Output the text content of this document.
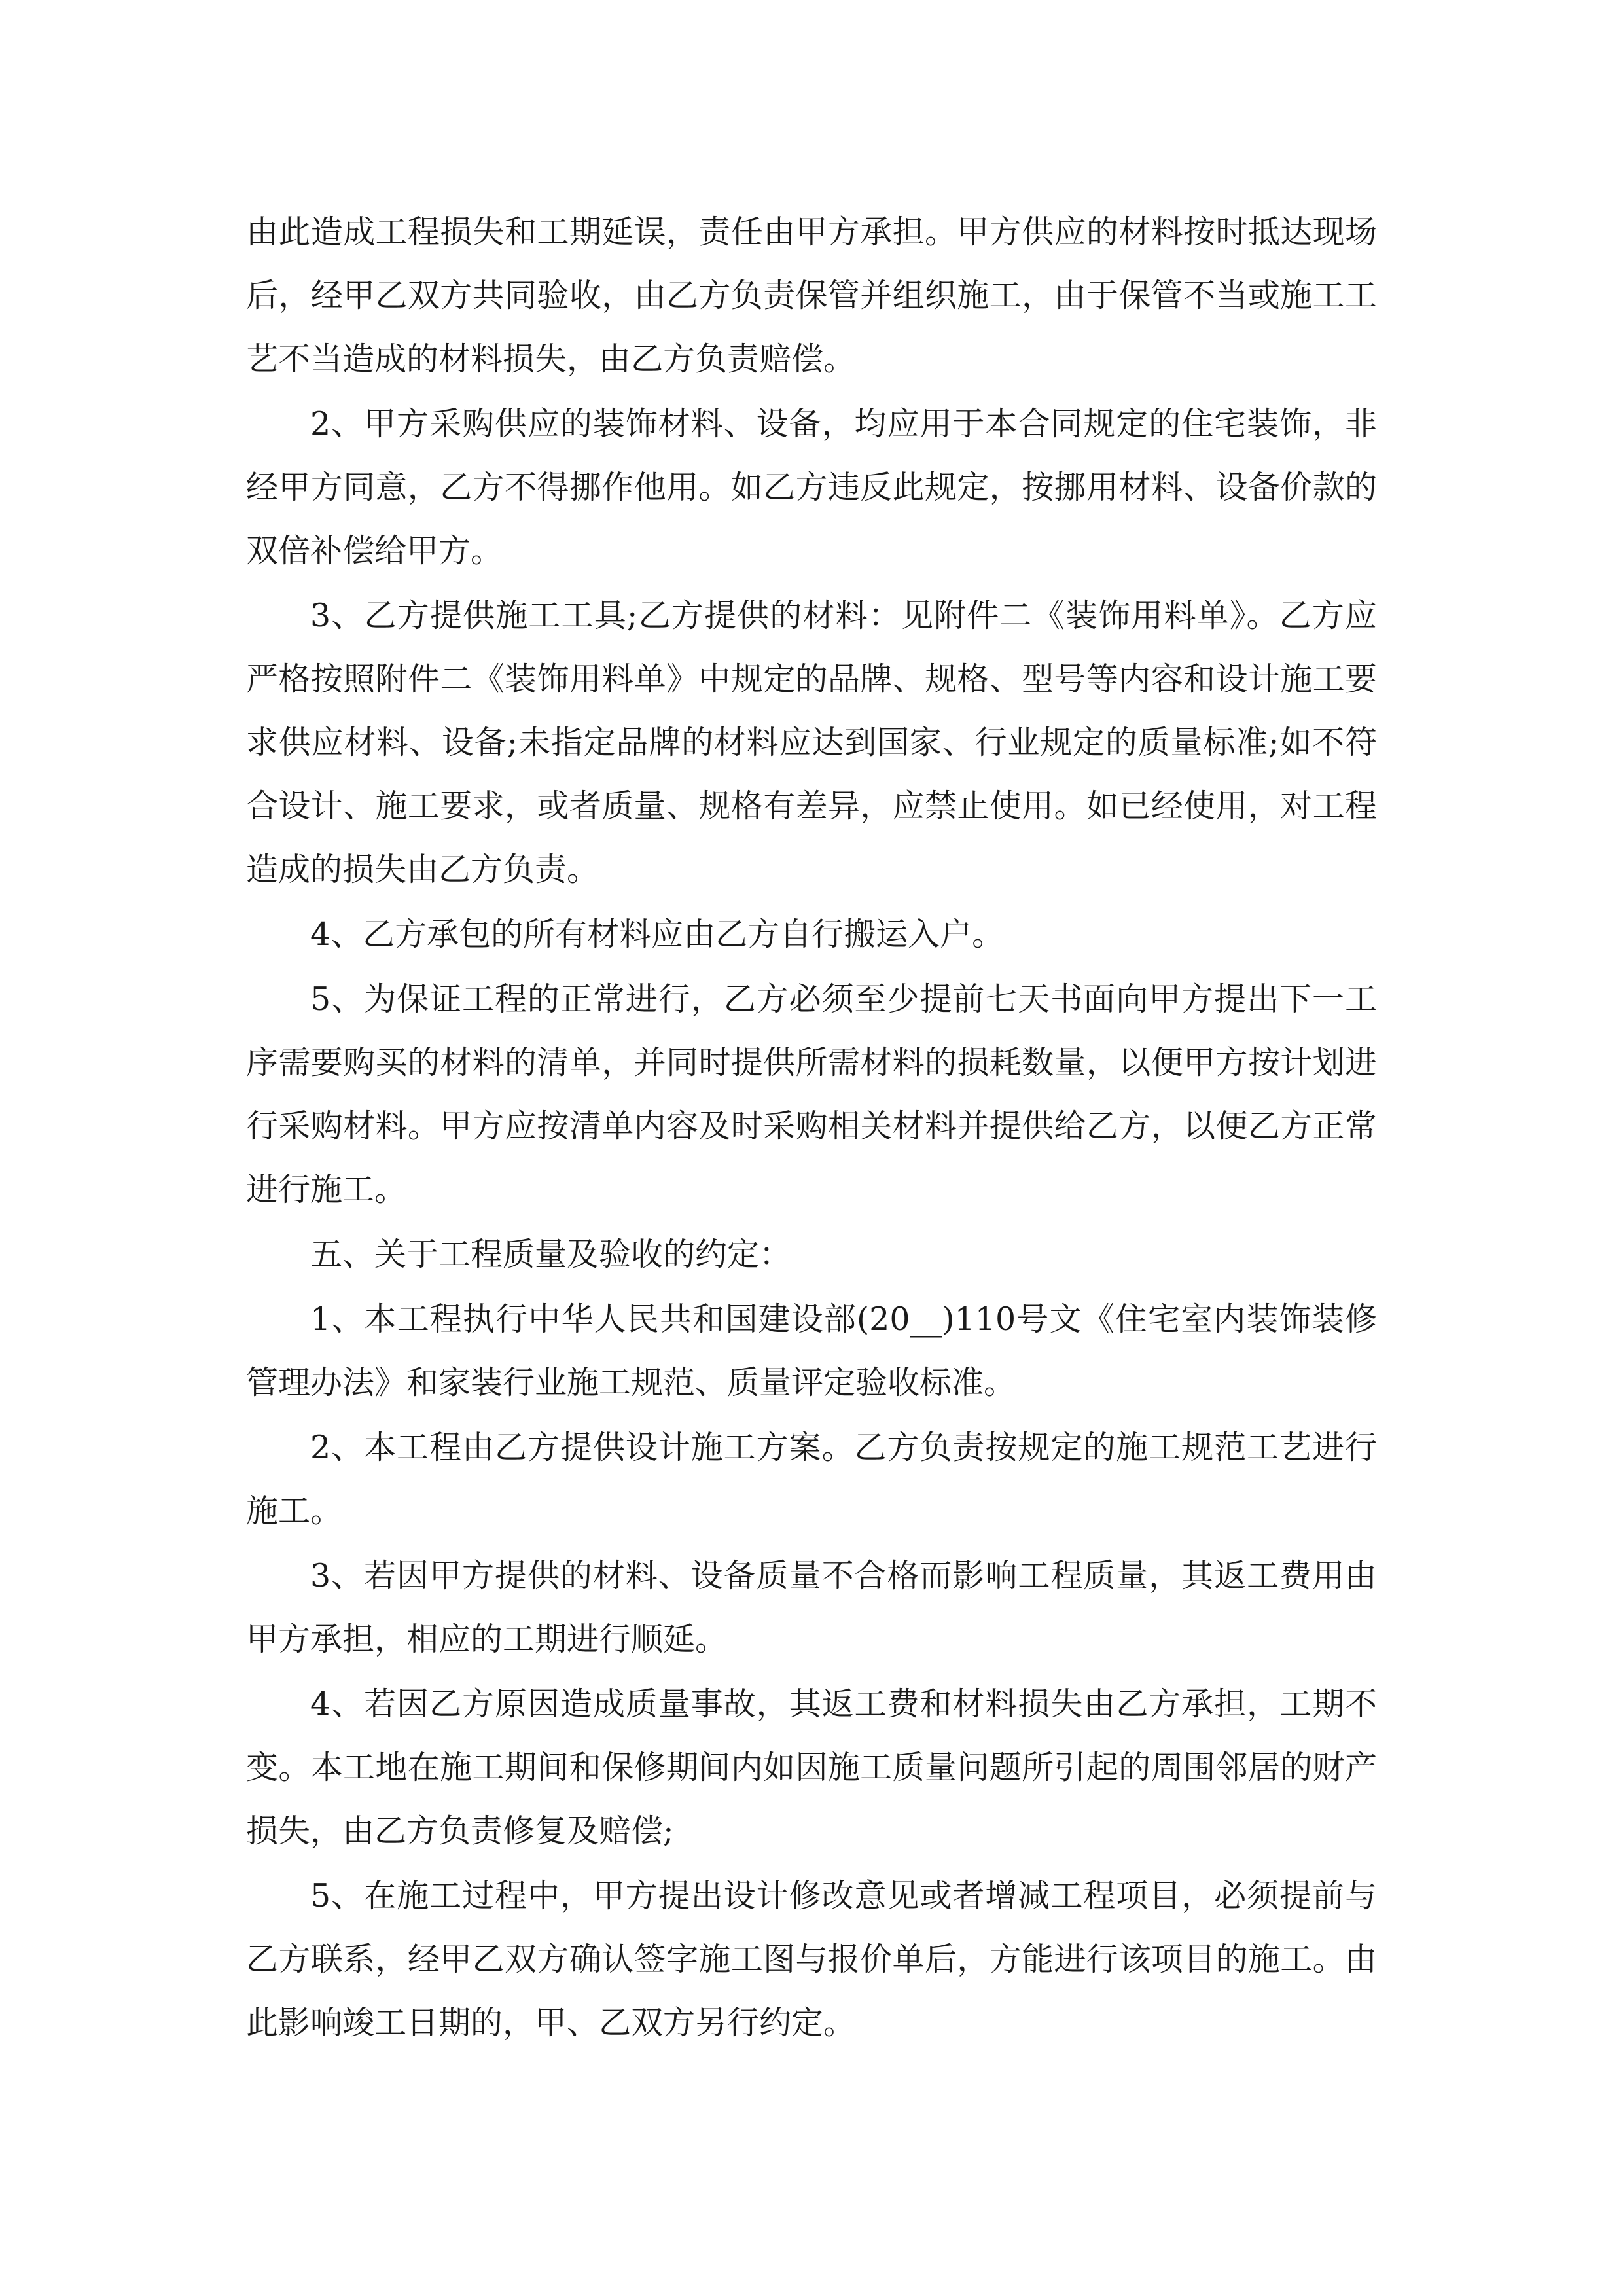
由此造成工程损失和工期延误，责任由甲方承担。甲方供应的材料按时抵达现场后，经甲乙双方共同验收，由乙方负责保管并组织施工，由于保管不当或施工工艺不当造成的材料损失，由乙方负责赔偿。

2、甲方采购供应的装饰材料、设备，均应用于本合同规定的住宅装饰，非经甲方同意，乙方不得挪作他用。如乙方违反此规定，按挪用材料、设备价款的双倍补偿给甲方。

3、乙方提供施工工具;乙方提供的材料：见附件二《装饰用料单》。乙方应严格按照附件二《装饰用料单》中规定的品牌、规格、型号等内容和设计施工要求供应材料、设备;未指定品牌的材料应达到国家、行业规定的质量标准;如不符合设计、施工要求，或者质量、规格有差异，应禁止使用。如已经使用，对工程造成的损失由乙方负责。

4、乙方承包的所有材料应由乙方自行搬运入户。

5、为保证工程的正常进行，乙方必须至少提前七天书面向甲方提出下一工序需要购买的材料的清单，并同时提供所需材料的损耗数量，以便甲方按计划进行采购材料。甲方应按清单内容及时采购相关材料并提供给乙方，以便乙方正常进行施工。

五、关于工程质量及验收的约定：

1、本工程执行中华人民共和国建设部(20__)110号文《住宅室内装饰装修管理办法》和家装行业施工规范、质量评定验收标准。

2、本工程由乙方提供设计施工方案。乙方负责按规定的施工规范工艺进行施工。

3、若因甲方提供的材料、设备质量不合格而影响工程质量，其返工费用由甲方承担，相应的工期进行顺延。

4、若因乙方原因造成质量事故，其返工费和材料损失由乙方承担，工期不变。本工地在施工期间和保修期间内如因施工质量问题所引起的周围邻居的财产损失，由乙方负责修复及赔偿;

5、在施工过程中，甲方提出设计修改意见或者增减工程项目，必须提前与乙方联系，经甲乙双方确认签字施工图与报价单后，方能进行该项目的施工。由此影响竣工日期的，甲、乙双方另行约定。
